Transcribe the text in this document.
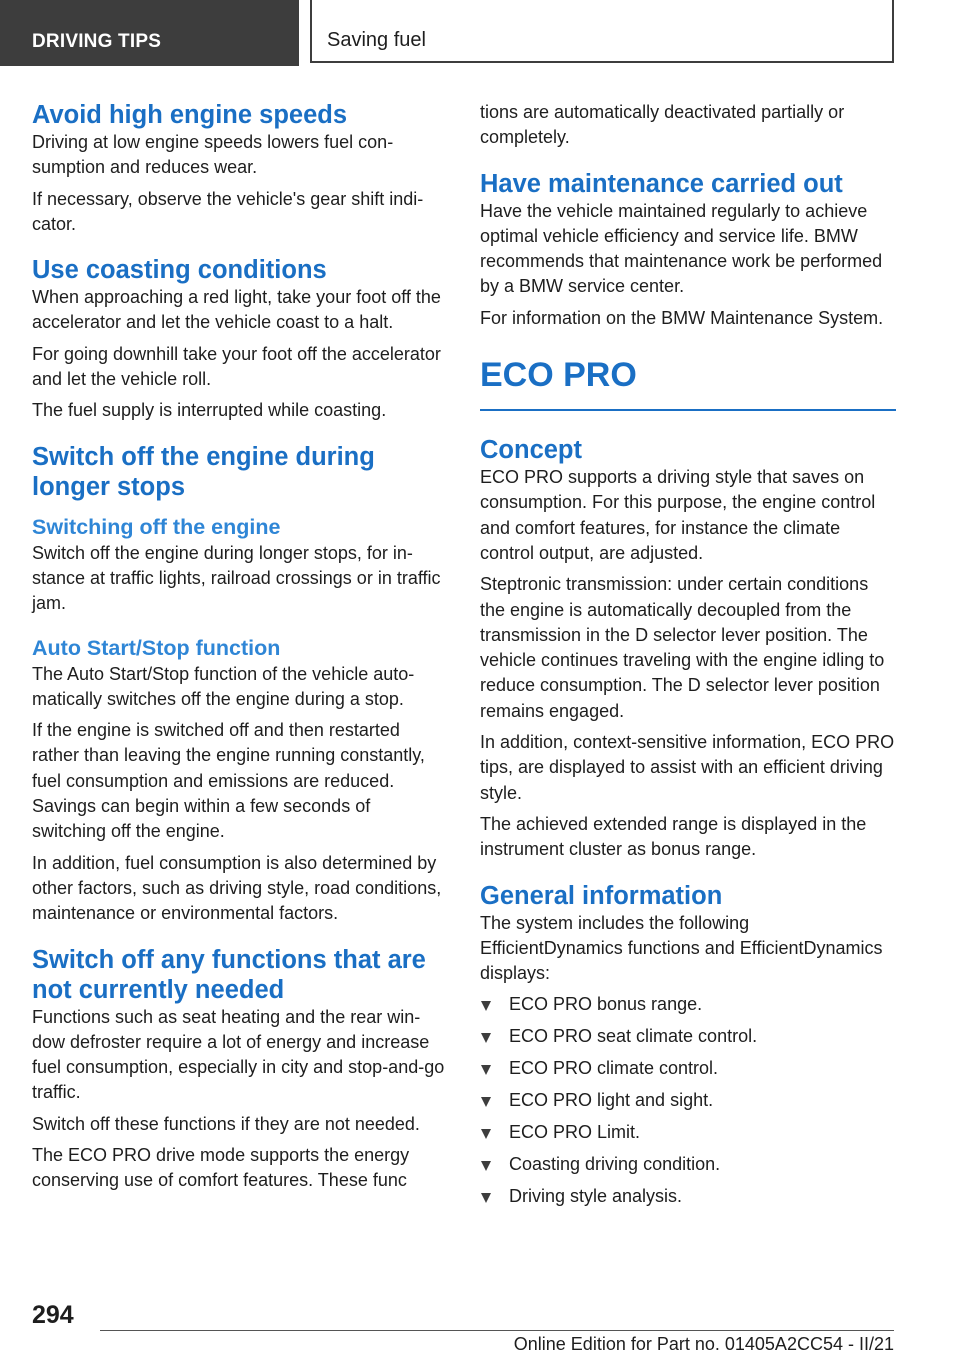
DRIVING TIPS	Saving fuel
Avoid high engine speeds

Driving at low engine speeds lowers fuel consumption and reduces wear.

If necessary, observe the vehicle's gear shift indicator.

Use coasting conditions

When approaching a red light, take your foot off the accelerator and let the vehicle coast to a halt.

For going downhill take your foot off the accelerator and let the vehicle roll.

The fuel supply is interrupted while coasting.

Switch off the engine during longer stops
Switching off the engine

Switch off the engine during longer stops, for instance at traffic lights, railroad crossings or in traffic jam.

Auto Start/Stop function

The Auto Start/Stop function of the vehicle automatically switches off the engine during a stop.

If the engine is switched off and then restarted rather than leaving the engine running constantly, fuel consumption and emissions are reduced. Savings can begin within a few seconds of switching off the engine.

In addition, fuel consumption is also determined by other factors, such as driving style, road conditions, maintenance or environmental factors.

Switch off any functions that are not currently needed

Functions such as seat heating and the rear window defroster require a lot of energy and increase fuel consumption, especially in city and stop-and-go traffic.

Switch off these functions if they are not needed.

The ECO PRO drive mode supports the energy conserving use of comfort features. These func

tions are automatically deactivated partially or completely.

Have maintenance carried out

Have the vehicle maintained regularly to achieve optimal vehicle efficiency and service life. BMW recommends that maintenance work be performed by a BMW service center.

For information on the BMW Maintenance System.

ECO PRO
Concept

ECO PRO supports a driving style that saves on consumption. For this purpose, the engine control and comfort features, for instance the climate control output, are adjusted.

Steptronic transmission: under certain conditions the engine is automatically decoupled from the transmission in the D selector lever position. The vehicle continues traveling with the engine idling to reduce consumption. The D selector lever position remains engaged.

In addition, context-sensitive information, ECO PRO tips, are displayed to assist with an efficient driving style.

The achieved extended range is displayed in the instrument cluster as bonus range.

General information

The system includes the following EfficientDynamics functions and EfficientDynamics displays:

ECO PRO bonus range.
ECO PRO seat climate control.
ECO PRO climate control.
ECO PRO light and sight.
ECO PRO Limit.
Coasting driving condition.
Driving style analysis.
294
Online Edition for Part no. 01405A2CC54 - II/21
